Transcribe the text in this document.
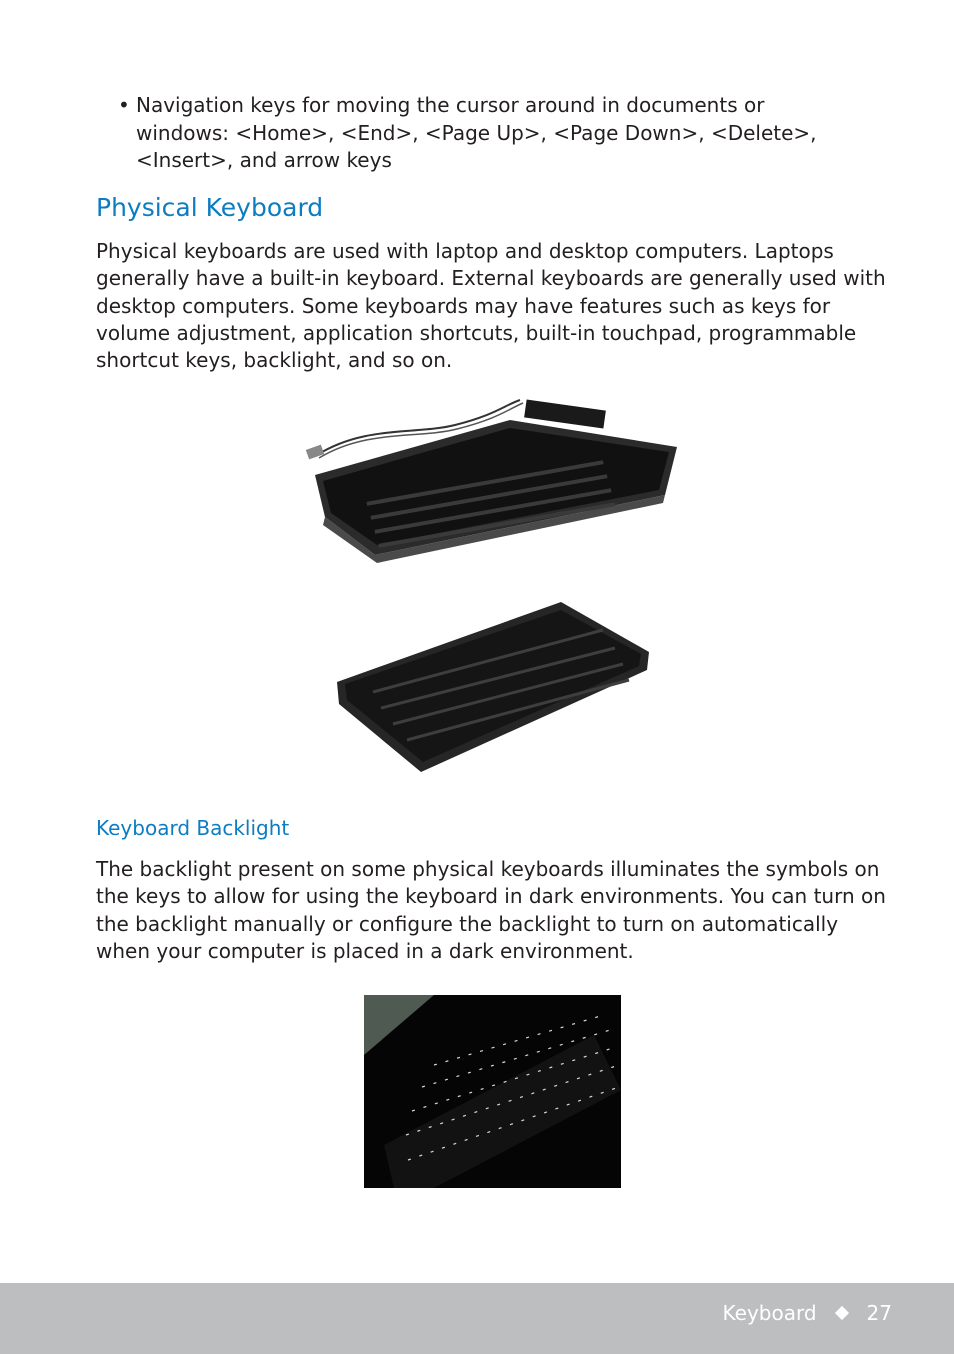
• Navigation keys for moving the cursor around in documents or windows: <Home>, <End>, <Page Up>, <Page Down>, <Delete>, <Insert>, and arrow keys
Physical Keyboard

Physical keyboards are used with laptop and desktop computers. Laptops generally have a built-in keyboard. External keyboards are generally used with desktop computers. Some keyboards may have features such as keys for volume adjustment, application shortcuts, built-in touchpad, programmable shortcut keys, backlight, and so on.

Keyboard Backlight

The backlight present on some physical keyboards illuminates the symbols on the keys to allow for using the keyboard in dark environments. You can turn on the backlight manually or configure the backlight to turn on automatically when your computer is placed in a dark environment.

Keyboard	27
